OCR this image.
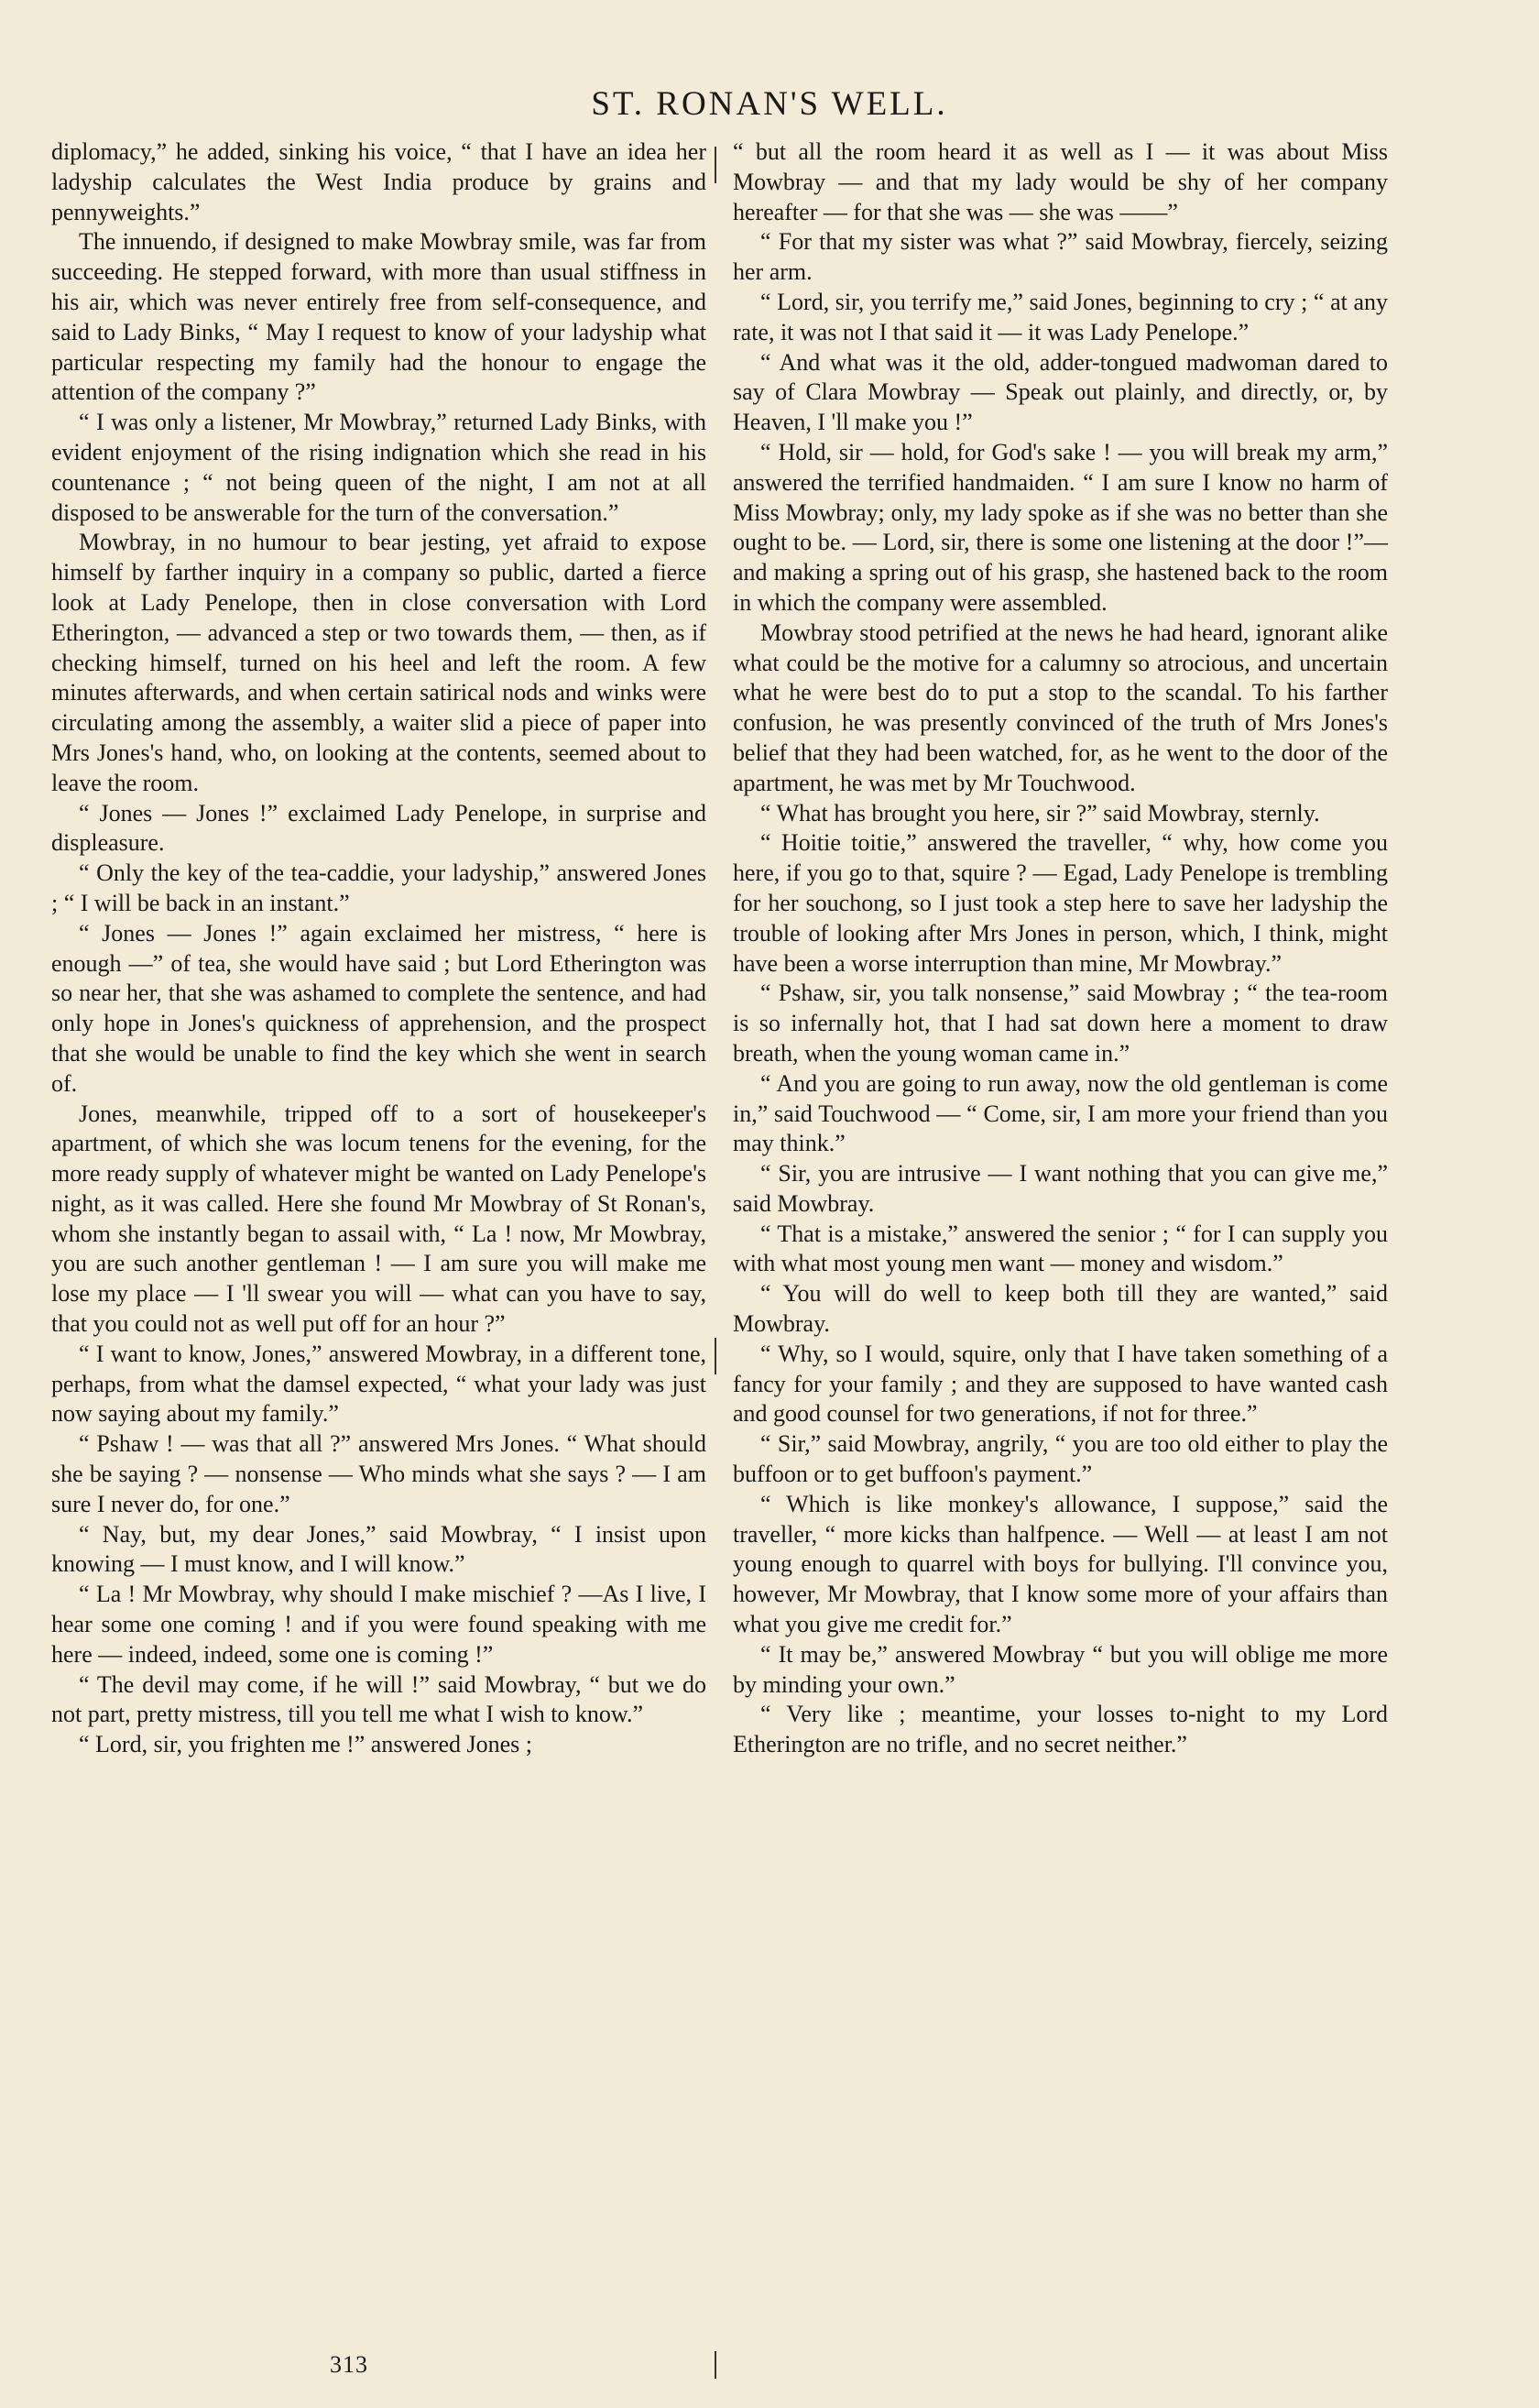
ST. RONAN'S WELL.

diplomacy,” he added, sinking his voice, “ that I have an idea her ladyship calculates the West India produce by grains and pennyweights.”

The innuendo, if designed to make Mowbray smile, was far from succeeding. He stepped forward, with more than usual stiffness in his air, which was never entirely free from self-consequence, and said to Lady Binks, “ May I request to know of your ladyship what particular respecting my family had the honour to engage the attention of the company ?”

“ I was only a listener, Mr Mowbray,” returned Lady Binks, with evident enjoyment of the rising indignation which she read in his countenance ; “ not being queen of the night, I am not at all disposed to be answerable for the turn of the conversation.”

Mowbray, in no humour to bear jesting, yet afraid to expose himself by farther inquiry in a company so public, darted a fierce look at Lady Penelope, then in close conversation with Lord Etherington, — advanced a step or two towards them, — then, as if checking himself, turned on his heel and left the room. A few minutes afterwards, and when certain satirical nods and winks were circulating among the assembly, a waiter slid a piece of paper into Mrs Jones's hand, who, on looking at the contents, seemed about to leave the room.

“ Jones — Jones !” exclaimed Lady Penelope, in surprise and displeasure.

“ Only the key of the tea-caddie, your ladyship,” answered Jones ; “ I will be back in an instant.”

“ Jones — Jones !” again exclaimed her mistress, “ here is enough —” of tea, she would have said ; but Lord Etherington was so near her, that she was ashamed to complete the sentence, and had only hope in Jones's quickness of apprehension, and the prospect that she would be unable to find the key which she went in search of.

Jones, meanwhile, tripped off to a sort of housekeeper's apartment, of which she was locum tenens for the evening, for the more ready supply of whatever might be wanted on Lady Penelope's night, as it was called. Here she found Mr Mowbray of St Ronan's, whom she instantly began to assail with, “ La ! now, Mr Mowbray, you are such another gentleman ! — I am sure you will make me lose my place — I 'll swear you will — what can you have to say, that you could not as well put off for an hour ?”

“ I want to know, Jones,” answered Mowbray, in a different tone, perhaps, from what the damsel expected, “ what your lady was just now saying about my family.”

“ Pshaw ! — was that all ?” answered Mrs Jones. “ What should she be saying ? — nonsense — Who minds what she says ? — I am sure I never do, for one.”

“ Nay, but, my dear Jones,” said Mowbray, “ I insist upon knowing — I must know, and I will know.”

“ La ! Mr Mowbray, why should I make mischief ? —As I live, I hear some one coming ! and if you were found speaking with me here — indeed, indeed, some one is coming !”

“ The devil may come, if he will !” said Mowbray, “ but we do not part, pretty mistress, till you tell me what I wish to know.”

“ Lord, sir, you frighten me !” answered Jones ;

“ but all the room heard it as well as I — it was about Miss Mowbray — and that my lady would be shy of her company hereafter — for that she was — she was ——”

“ For that my sister was what ?” said Mowbray, fiercely, seizing her arm.

“ Lord, sir, you terrify me,” said Jones, beginning to cry ; “ at any rate, it was not I that said it — it was Lady Penelope.”

“ And what was it the old, adder-tongued madwoman dared to say of Clara Mowbray — Speak out plainly, and directly, or, by Heaven, I 'll make you !”

“ Hold, sir — hold, for God's sake ! — you will break my arm,” answered the terrified handmaiden. “ I am sure I know no harm of Miss Mowbray; only, my lady spoke as if she was no better than she ought to be. — Lord, sir, there is some one listening at the door !”— and making a spring out of his grasp, she hastened back to the room in which the company were assembled.

Mowbray stood petrified at the news he had heard, ignorant alike what could be the motive for a calumny so atrocious, and uncertain what he were best do to put a stop to the scandal. To his farther confusion, he was presently convinced of the truth of Mrs Jones's belief that they had been watched, for, as he went to the door of the apartment, he was met by Mr Touchwood.

“ What has brought you here, sir ?” said Mowbray, sternly.

“ Hoitie toitie,” answered the traveller, “ why, how come you here, if you go to that, squire ? — Egad, Lady Penelope is trembling for her souchong, so I just took a step here to save her ladyship the trouble of looking after Mrs Jones in person, which, I think, might have been a worse interruption than mine, Mr Mowbray.”

“ Pshaw, sir, you talk nonsense,” said Mowbray ; “ the tea-room is so infernally hot, that I had sat down here a moment to draw breath, when the young woman came in.”

“ And you are going to run away, now the old gentleman is come in,” said Touchwood — “ Come, sir, I am more your friend than you may think.”

“ Sir, you are intrusive — I want nothing that you can give me,” said Mowbray.

“ That is a mistake,” answered the senior ; “ for I can supply you with what most young men want — money and wisdom.”

“ You will do well to keep both till they are wanted,” said Mowbray.

“ Why, so I would, squire, only that I have taken something of a fancy for your family ; and they are supposed to have wanted cash and good counsel for two generations, if not for three.”

“ Sir,” said Mowbray, angrily, “ you are too old either to play the buffoon or to get buffoon's payment.”

“ Which is like monkey's allowance, I suppose,” said the traveller, “ more kicks than halfpence. — Well — at least I am not young enough to quarrel with boys for bullying. I'll convince you, however, Mr Mowbray, that I know some more of your affairs than what you give me credit for.”

“ It may be,” answered Mowbray “ but you will oblige me more by minding your own.”

“ Very like ; meantime, your losses to-night to my Lord Etherington are no trifle, and no secret neither.”

313
